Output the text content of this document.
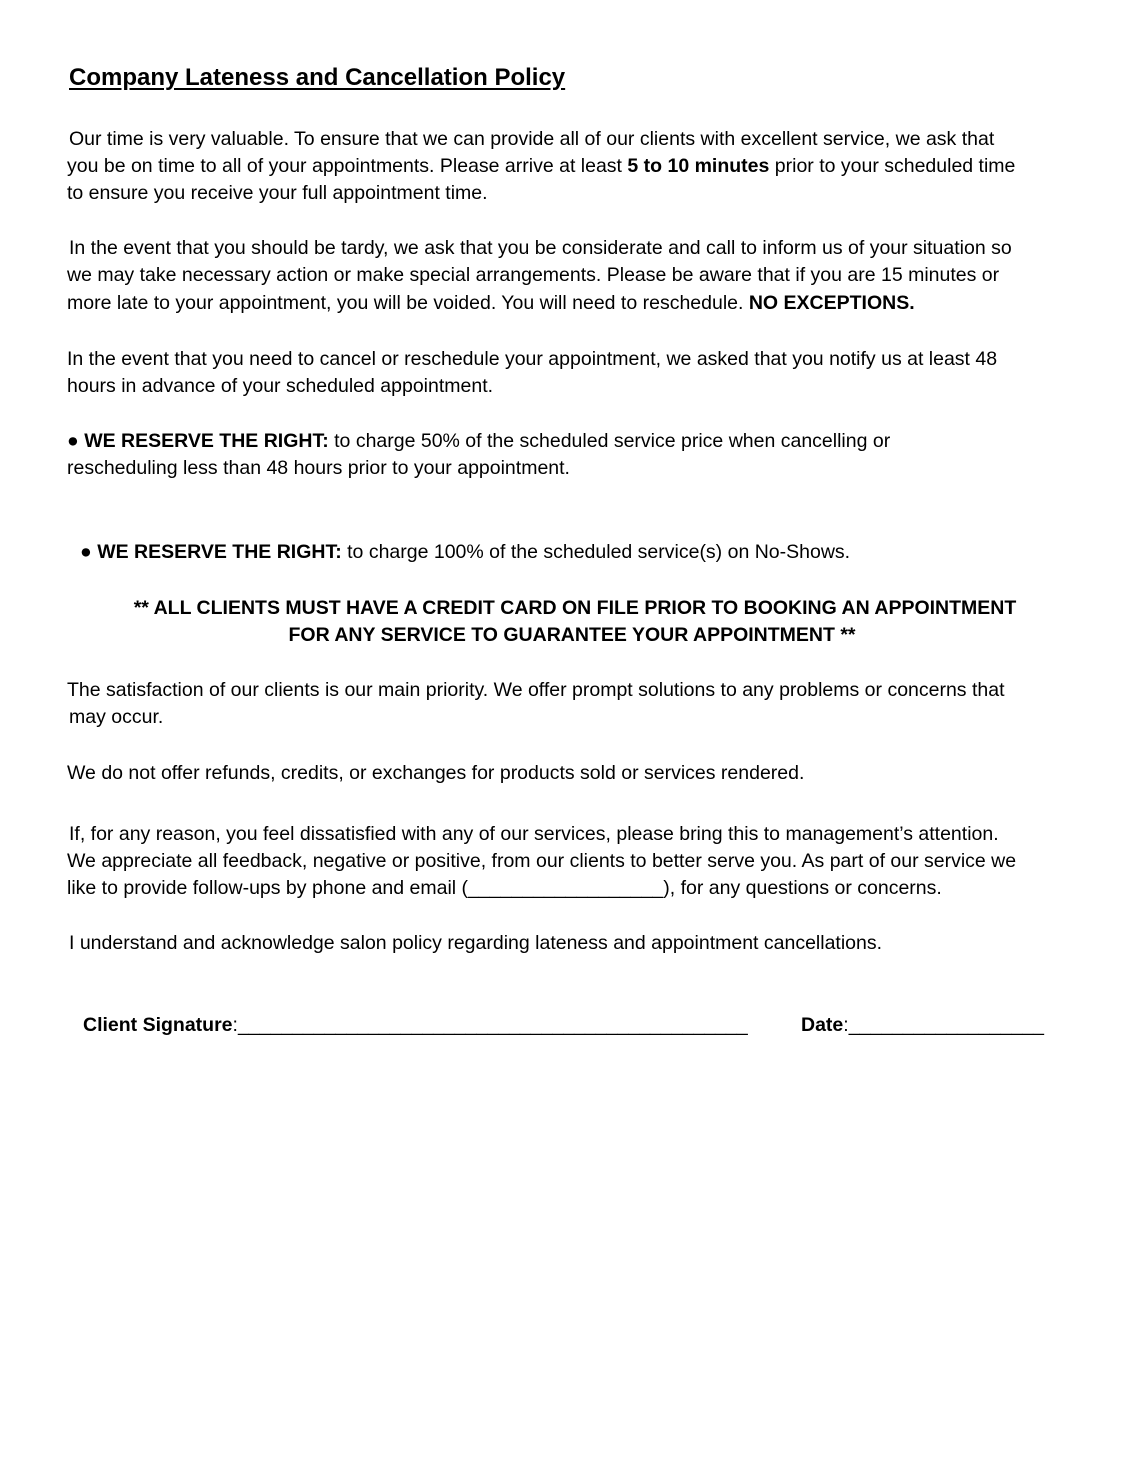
Company Lateness and Cancellation Policy

Our time is very valuable. To ensure that we can provide all of our clients with excellent service, we ask that

you be on time to all of your appointments. Please arrive at least 5 to 10 minutes prior to your scheduled time

to ensure you receive your full appointment time.

In the event that you should be tardy, we ask that you be considerate and call to inform us of your situation so

we may take necessary action or make special arrangements. Please be aware that if you are 15 minutes or

more late to your appointment, you will be voided. You will need to reschedule. NO EXCEPTIONS.

In the event that you need to cancel or reschedule your appointment, we asked that you notify us at least 48

hours in advance of your scheduled appointment.

● WE RESERVE THE RIGHT: to charge 50% of the scheduled service price when cancelling or

rescheduling less than 48 hours prior to your appointment.

● WE RESERVE THE RIGHT: to charge 100% of the scheduled service(s) on No-Shows.

** ALL CLIENTS MUST HAVE A CREDIT CARD ON FILE PRIOR TO BOOKING AN APPOINTMENT
FOR ANY SERVICE TO GUARANTEE YOUR APPOINTMENT **

The satisfaction of our clients is our main priority. We offer prompt solutions to any problems or concerns that

may occur.

We do not offer refunds, credits, or exchanges for products sold or services rendered.

If, for any reason, you feel dissatisfied with any of our services, please bring this to management’s attention.

We appreciate all feedback, negative or positive, from our clients to better serve you. As part of our service we

like to provide follow-ups by phone and email (__________________), for any questions or concerns.

I understand and acknowledge salon policy regarding lateness and appointment cancellations.

Client Signature:_______________________________________________	Date:__________________
